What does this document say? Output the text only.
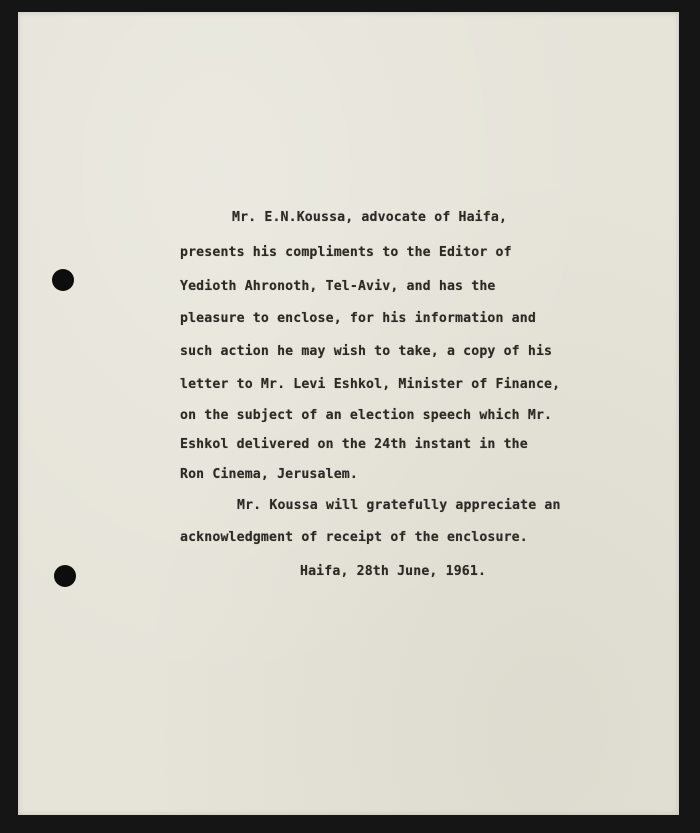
Mr. E.N.Koussa, advocate of Haifa,
presents his compliments to the Editor of
Yedioth Ahronoth, Tel-Aviv, and has the
pleasure to enclose, for his information and
such action he may wish to take, a copy of his
letter to Mr. Levi Eshkol, Minister of Finance,
on the subject of an election speech which Mr.
Eshkol delivered on the 24th instant in the
Ron Cinema, Jerusalem.
Mr. Koussa will gratefully appreciate an
acknowledgment of receipt of the enclosure.
Haifa, 28th June, 1961.
